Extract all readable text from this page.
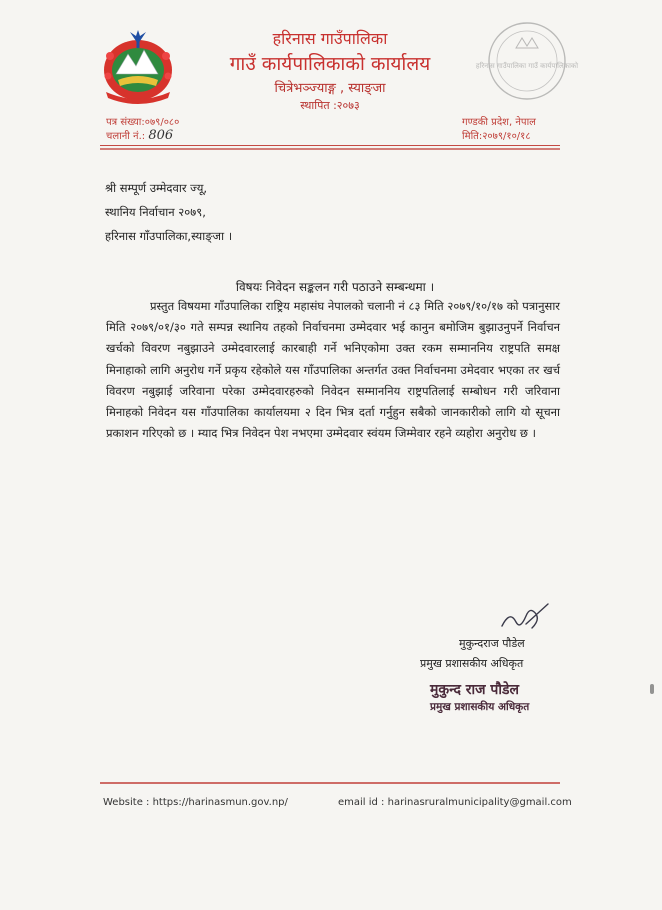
हरिनास गाउँपालिका
गाउँ कार्यपालिकाको कार्यालय
चित्रेभञ्ज्याङ्ग , स्याङ्जा
स्थापित :२०७३
हरिनास गाउँपालिका गाउँ कार्यपालिकाको
पत्र संख्या:०७९/०८०
चलानी नं.: 806
गण्डकी प्रदेश, नेपाल
मिति:२०७९/१०/१८
श्री सम्पूर्ण उम्मेदवार ज्यू,
स्थानिय निर्वाचान २०७९,
हरिनास गाँउपालिका,स्याङ्जा ।
विषयः निवेदन सङ्कलन गरी पठाउने सम्बन्धमा ।
प्रस्तुत विषयमा गाँउपालिका राष्ट्रिय महासंघ नेपालको चलानी नं ८३ मिति २०७९/१०/१७ को पत्रानुसार मिति २०७९/०१/३० गते सम्पन्न स्थानिय तहको निर्वाचनमा उम्मेदवार भई कानुन बमोजिम बुझाउनुपर्ने निर्वाचन खर्चको विवरण नबुझाउने उम्मेदवारलाई कारबाही गर्ने भनिएकोमा उक्त रकम सम्माननिय राष्ट्रपति समक्ष मिनाहाको लागि अनुरोध गर्ने प्रकृय रहेकोले यस गाँउपालिका अन्तर्गत उक्त निर्वाचनमा उमेदवार भएका तर खर्च विवरण नबुझाई जरिवाना परेका उम्मेदवारहरुको निवेदन सम्माननिय राष्ट्रपतिलाई सम्बोधन गरी जरिवाना मिनाहको निवेदन यस गाँउपालिका कार्यालयमा २ दिन भित्र दर्ता गर्नुहुन सबैको जानकारीको लागि यो सूचना प्रकाशन गरिएको छ । म्याद भित्र निवेदन पेश नभएमा उम्मेदवार स्वंयम जिम्मेवार रहने व्यहोरा अनुरोध छ ।
मुकुन्दराज पौडेल
प्रमुख प्रशासकीय अधिकृत
मुकुन्द राज पौडेल
प्रमुख प्रशासकीय अधिकृत
Website : https://harinasmun.gov.np/	email id : harinasruralmunicipality@gmail.com
